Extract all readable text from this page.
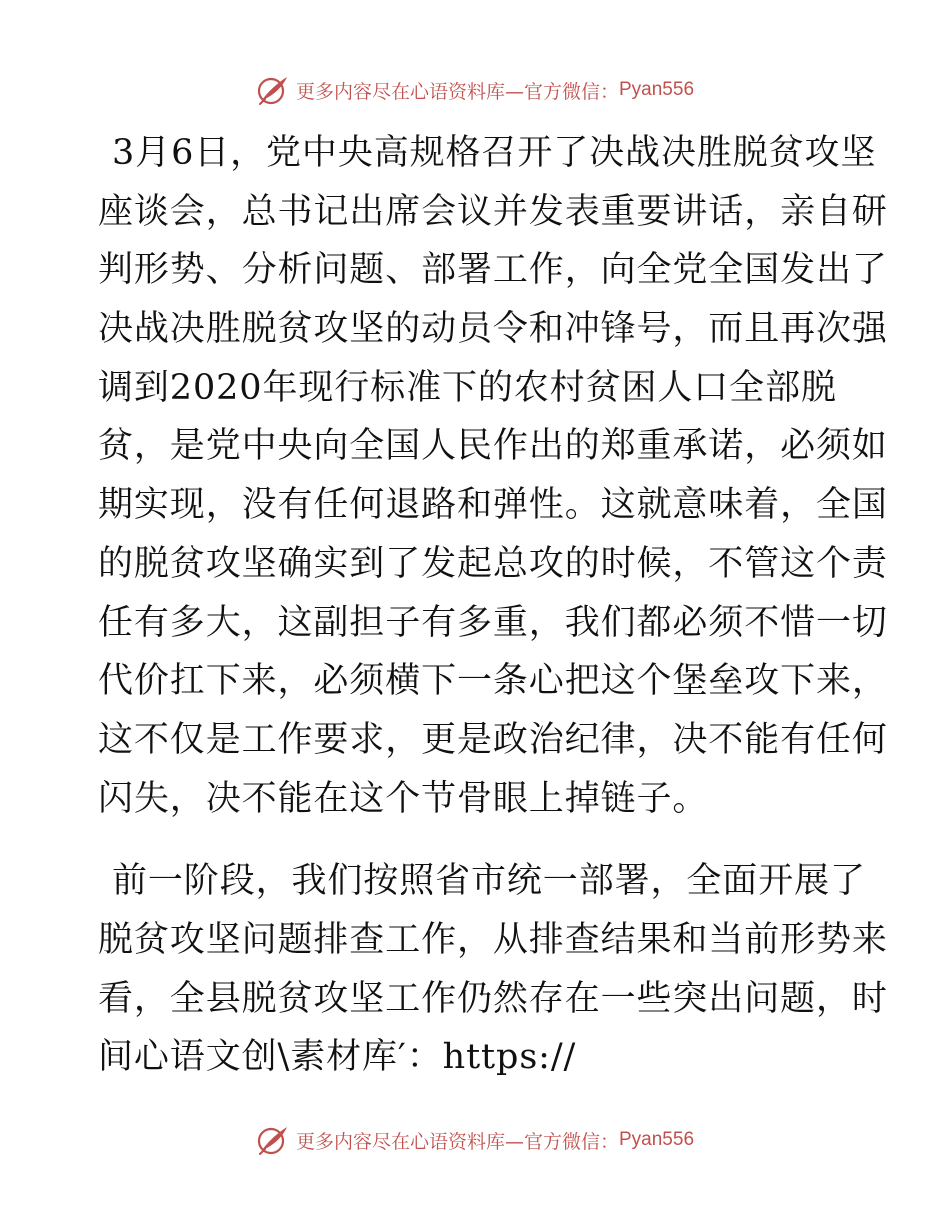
更多内容尽在心语资料库—官方微信： Pyan556
3月6日，党中央高规格召开了决战决胜脱贫攻坚
座谈会，总书记出席会议并发表重要讲话，亲自研
判形势、分析问题、部署工作，向全党全国发出了
决战决胜脱贫攻坚的动员令和冲锋号，而且再次强
调到2020年现行标准下的农村贫困人口全部脱
贫，是党中央向全国人民作出的郑重承诺，必须如
期实现，没有任何退路和弹性。这就意味着，全国
的脱贫攻坚确实到了发起总攻的时候，不管这个责
任有多大，这副担子有多重，我们都必须不惜一切
代价扛下来，必须横下一条心把这个堡垒攻下来，
这不仅是工作要求，更是政治纪律，决不能有任何
闪失，决不能在这个节骨眼上掉链子。
前一阶段，我们按照省市统一部署，全面开展了
脱贫攻坚问题排查工作，从排查结果和当前形势来
看，全县脱贫攻坚工作仍然存在一些突出问题，时
间心语文创\素材库′：https://
更多内容尽在心语资料库—官方微信： Pyan556
